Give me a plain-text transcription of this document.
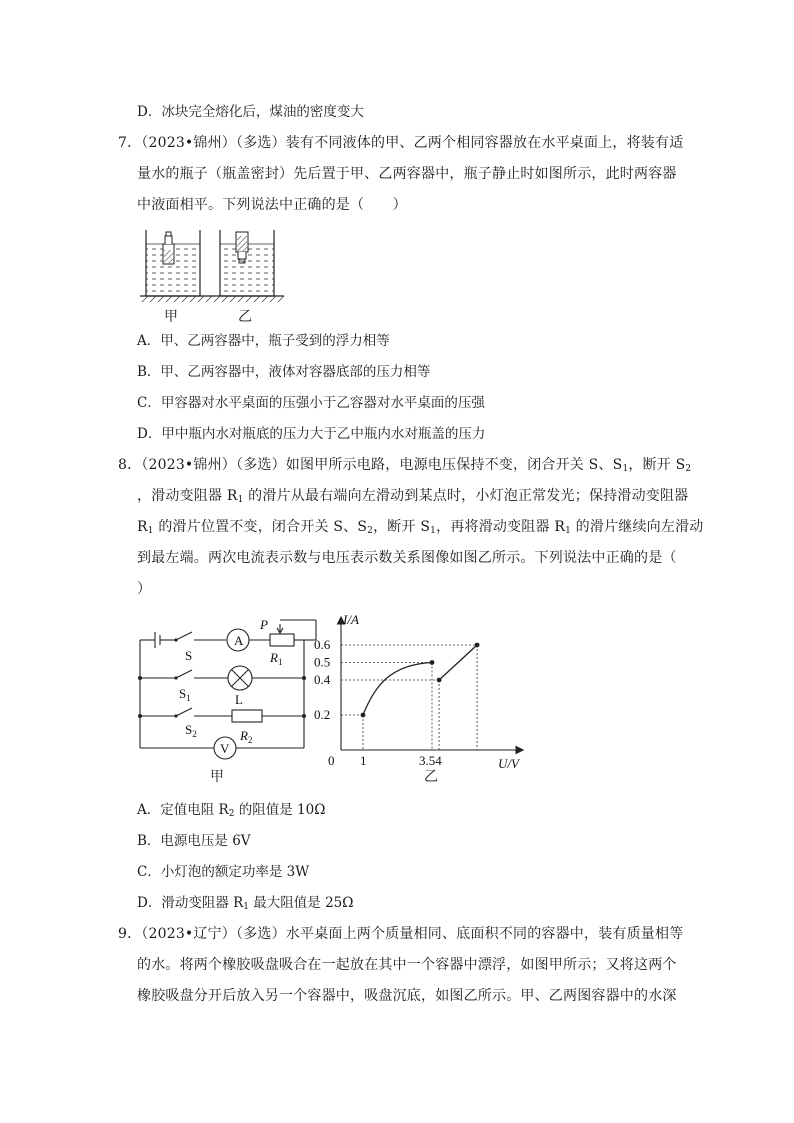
D．冰块完全熔化后，煤油的密度变大
7．（2023•锦州）（多选）装有不同液体的甲、乙两个相同容器放在水平桌面上，将装有适
量水的瓶子（瓶盖密封）先后置于甲、乙两容器中，瓶子静止时如图所示，此时两容器
中液面相平。下列说法中正确的是（　　）
甲	乙
A．甲、乙两容器中，瓶子受到的浮力相等
B．甲、乙两容器中，液体对容器底部的压力相等
C．甲容器对水平桌面的压强小于乙容器对水平桌面的压强
D．甲中瓶内水对瓶底的压力大于乙中瓶内水对瓶盖的压力
8．（2023•锦州）（多选）如图甲所示电路，电源电压保持不变，闭合开关 S、$S_1$，断开 $S_2$
，滑动变阻器 $R_1$ 的滑片从最右端向左滑动到某点时，小灯泡正常发光；保持滑动变阻器
$R_1$ 的滑片位置不变，闭合开关 S、$S_2$，断开 $S_1$，再将滑动变阻器 $R_1$ 的滑片继续向左滑动
到最左端。两次电流表示数与电压表示数关系图像如图乙所示。下列说法中正确的是（
）
A
V
S
$S_1$
$S_2$
L
P
$R_1$
$R_2$
甲
I/A
U/V
0
0.2
0.4
0.5
0.6
1	3.54
乙
A．定值电阻 $R_2$ 的阻值是 10Ω
B．电源电压是 6V
C．小灯泡的额定功率是 3W
D．滑动变阻器 $R_1$ 最大阻值是 25Ω
9．（2023•辽宁）（多选）水平桌面上两个质量相同、底面积不同的容器中，装有质量相等
的水。将两个橡胶吸盘吸合在一起放在其中一个容器中漂浮，如图甲所示；又将这两个
橡胶吸盘分开后放入另一个容器中，吸盘沉底，如图乙所示。甲、乙两图容器中的水深
